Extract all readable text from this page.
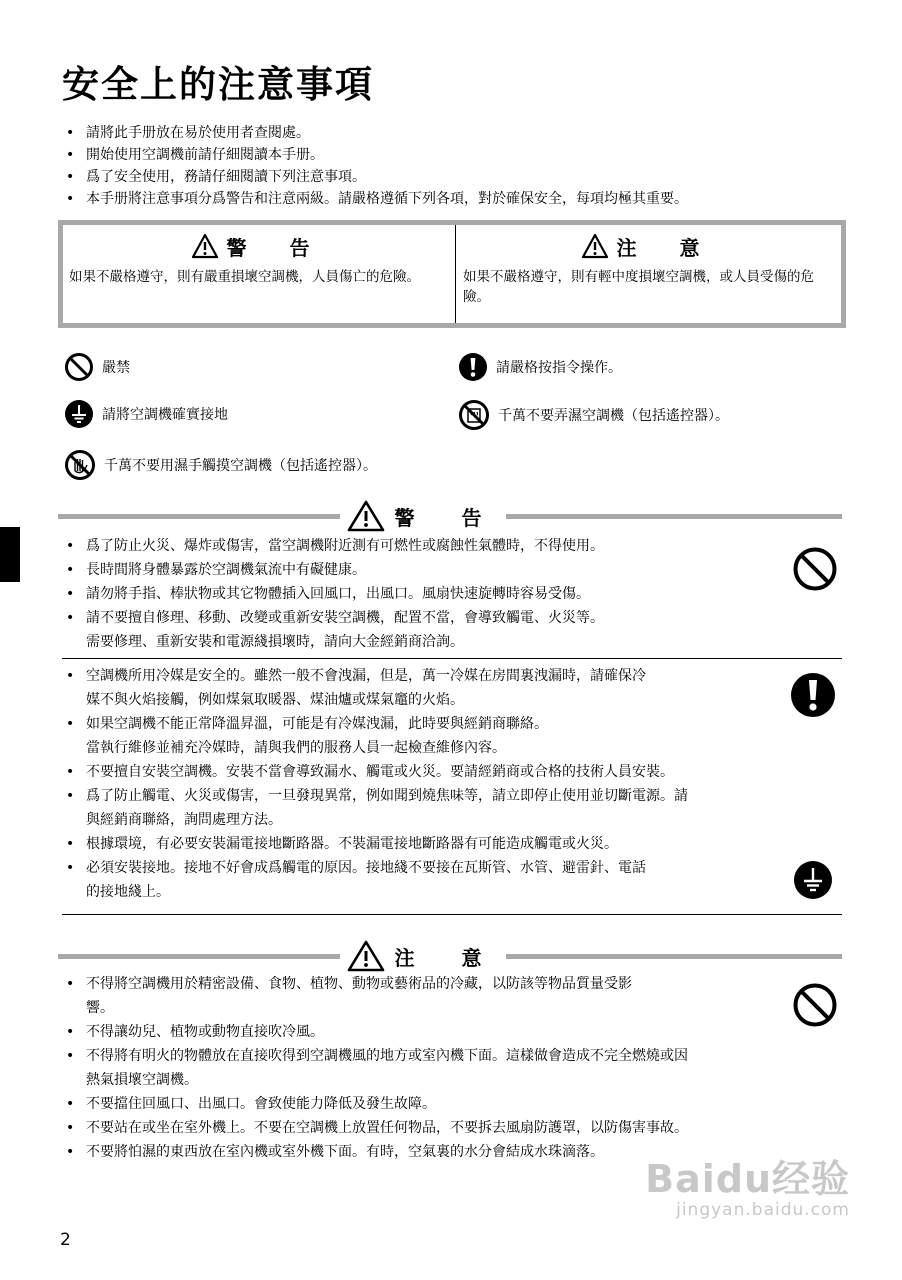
安全上的注意事項
• 請將此手册放在易於使用者查閱處。
• 開始使用空調機前請仔細閱讀本手册。
• 爲了安全使用，務請仔細閱讀下列注意事項。
• 本手册將注意事項分爲警告和注意兩級。請嚴格遵循下列各項，對於確保安全，每項均極其重要。
警 告
如果不嚴格遵守，則有嚴重損壞空調機，人員傷亡的危險。
注 意
如果不嚴格遵守，則有輕中度損壞空調機，或人員受傷的危險。
嚴禁	請嚴格按指令操作。
請將空調機確實接地	千萬不要弄濕空調機（包括遙控器）。
千萬不要用濕手觸摸空調機（包括遙控器）。
警 告
• 爲了防止火災、爆炸或傷害，當空調機附近測有可燃性或腐蝕性氣體時，不得使用。
• 長時間將身體暴露於空調機氣流中有礙健康。
• 請勿將手指、棒狀物或其它物體插入回風口，出風口。風扇快速旋轉時容易受傷。
• 請不要擅自修理、移動、改變或重新安裝空調機，配置不當，會導致觸電、火災等。
需要修理、重新安裝和電源綫損壞時，請向大金經銷商洽詢。
• 空調機所用冷媒是安全的。雖然一般不會洩漏，但是，萬一冷媒在房間裏洩漏時，請確保冷
媒不與火焰接觸，例如煤氣取暖器、煤油爐或煤氣竈的火焰。
• 如果空調機不能正常降溫昇溫，可能是有冷媒洩漏，此時要與經銷商聯絡。
當執行維修並補充冷媒時，請與我們的服務人員一起檢查維修內容。
• 不要擅自安裝空調機。安裝不當會導致漏水、觸電或火災。要請經銷商或合格的技術人員安裝。
• 爲了防止觸電、火災或傷害，一旦發現異常，例如聞到燒焦味等，請立即停止使用並切斷電源。請
與經銷商聯絡，詢問處理方法。
• 根據環境，有必要安裝漏電接地斷路器。不裝漏電接地斷路器有可能造成觸電或火災。
• 必須安裝接地。接地不好會成爲觸電的原因。接地綫不要接在瓦斯管、水管、避雷針、電話
的接地綫上。
注 意
• 不得將空調機用於精密設備、食物、植物、動物或藝術品的冷藏，以防該等物品質量受影
響。
• 不得讓幼兒、植物或動物直接吹冷風。
• 不得將有明火的物體放在直接吹得到空調機風的地方或室內機下面。這樣做會造成不完全燃燒或因
熱氣損壞空調機。
• 不要擋住回風口、出風口。會致使能力降低及發生故障。
• 不要站在或坐在室外機上。不要在空調機上放置任何物品，不要拆去風扇防護罩，以防傷害事故。
• 不要將怕濕的東西放在室內機或室外機下面。有時，空氣裏的水分會結成水珠滴落。
Baidu经验
jingyan.baidu.com
2
